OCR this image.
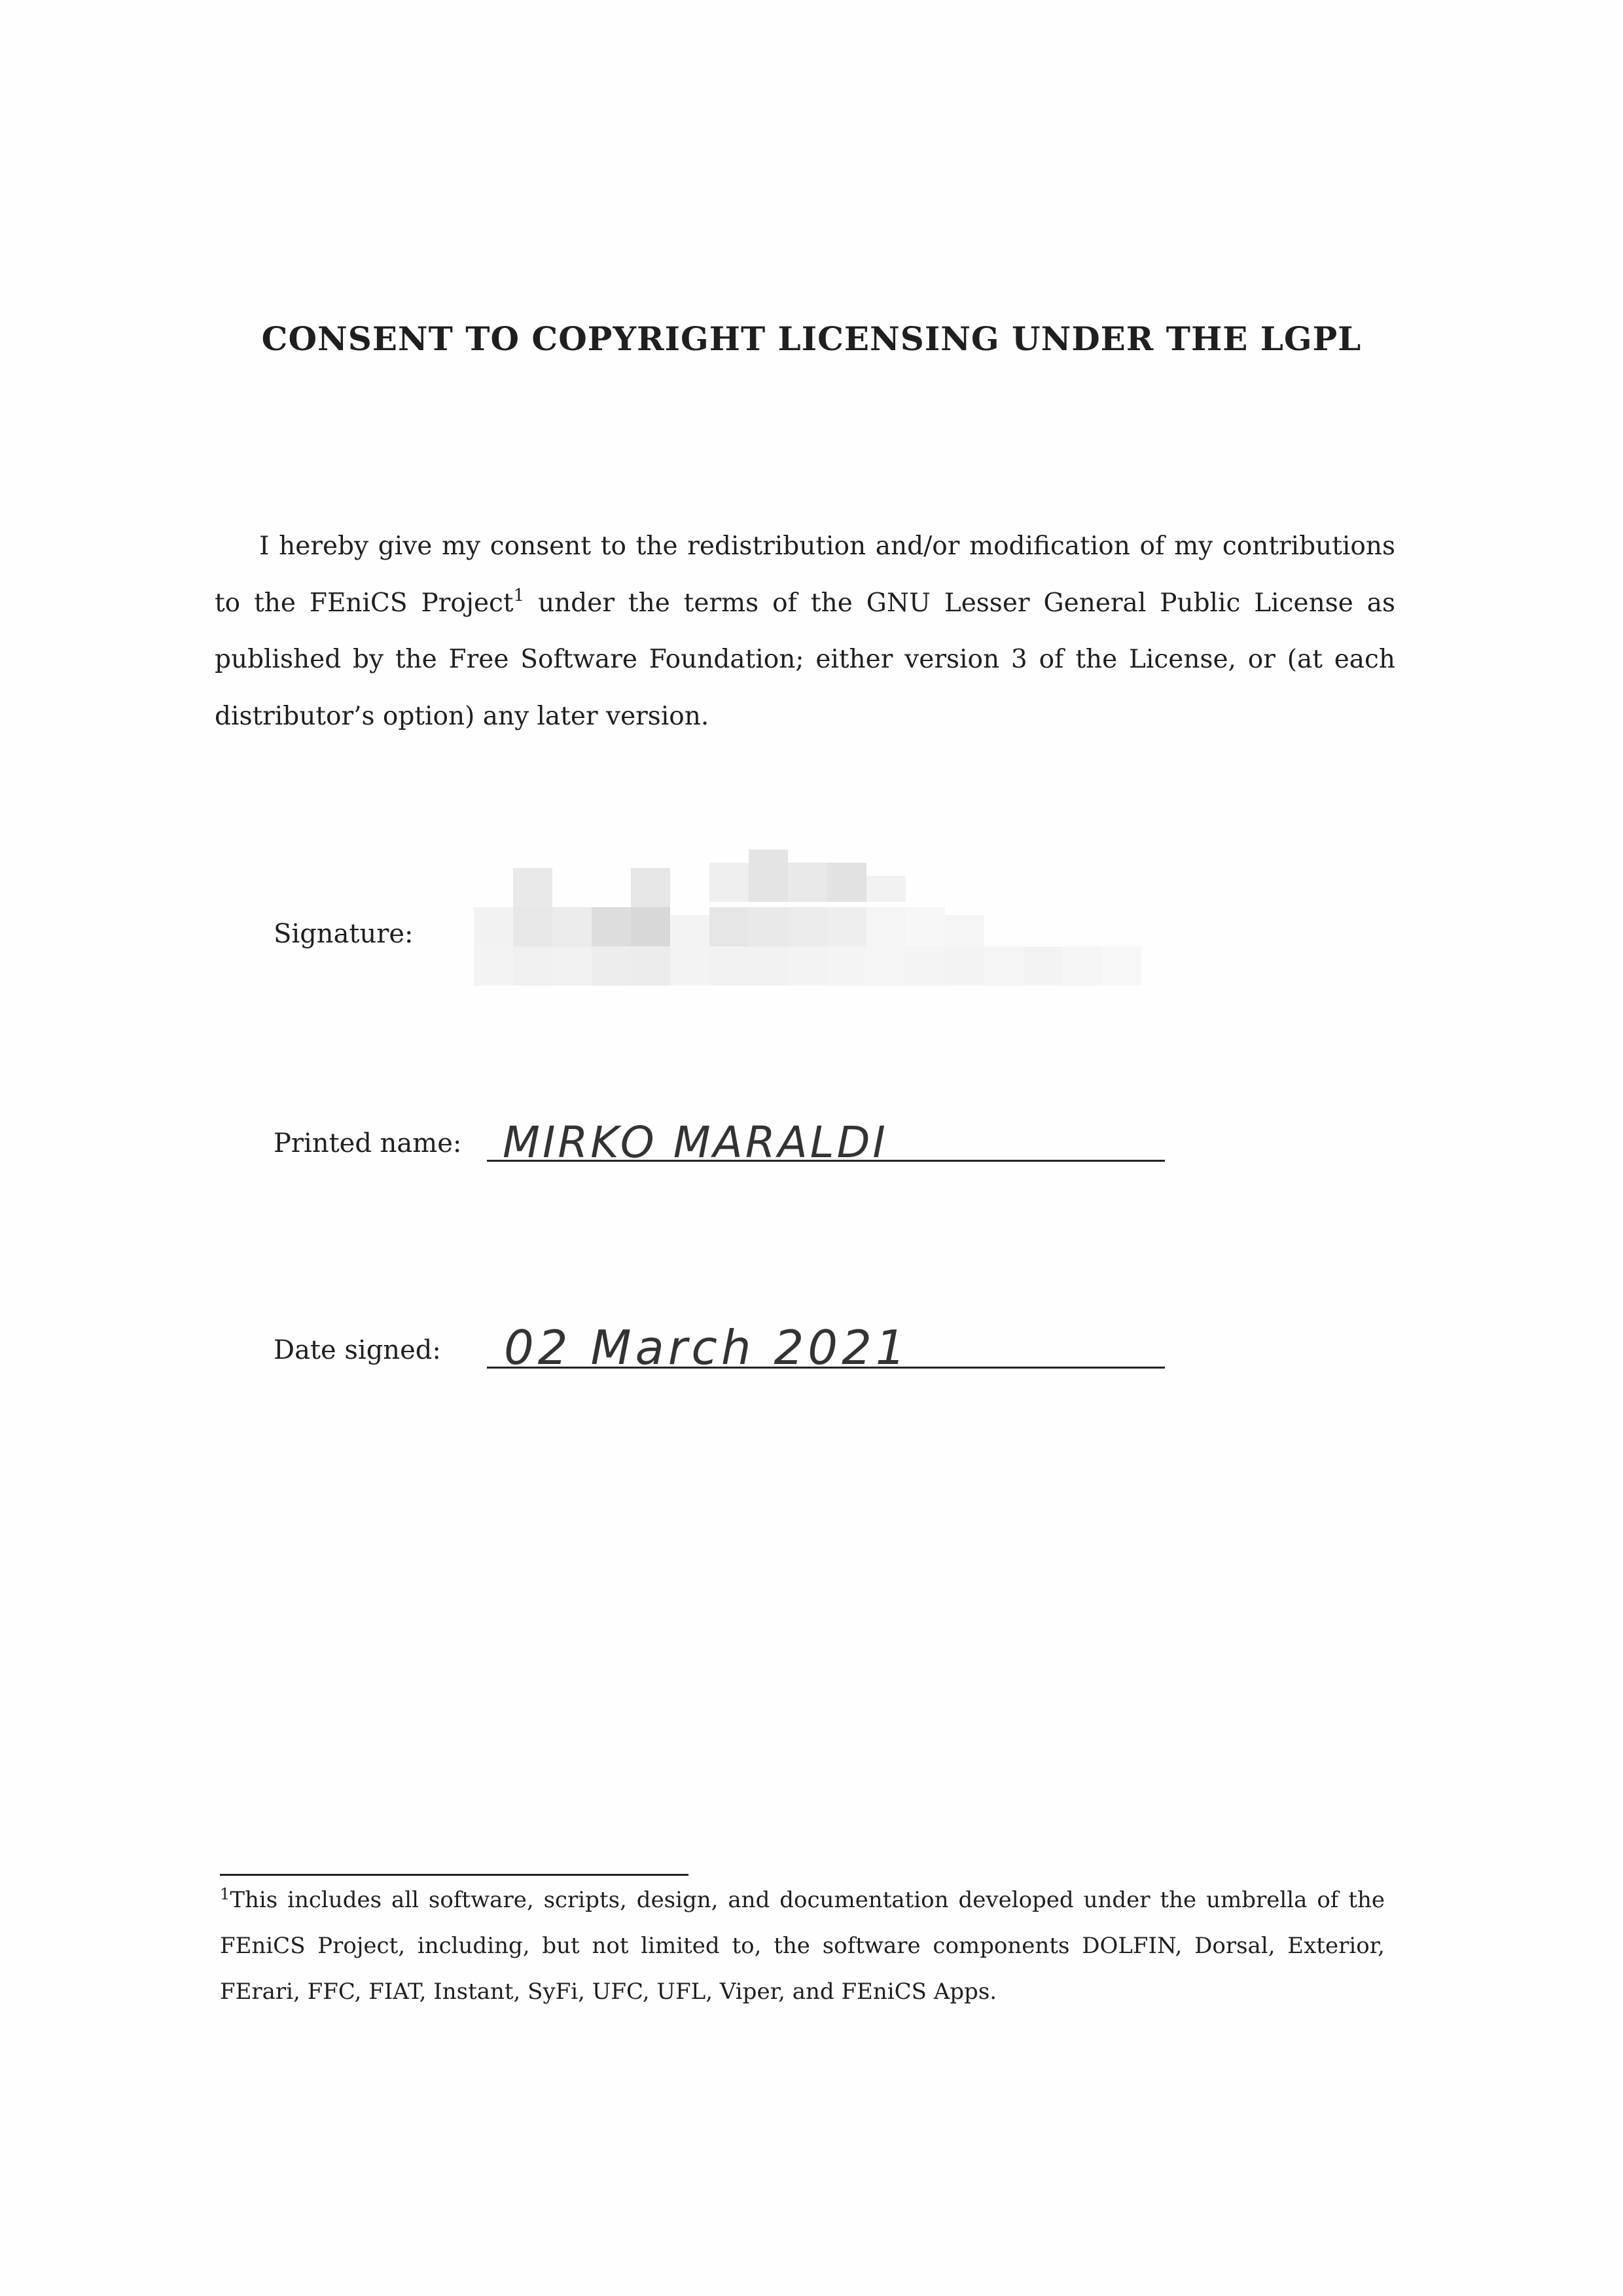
CONSENT TO COPYRIGHT LICENSING UNDER THE LGPL
I hereby give my consent to the redistribution and/or modification of my contributions to the FEniCS Project$^1$ under the terms of the GNU Lesser General Public License as published by the Free Software Foundation; either version 3 of the License, or (at each distributor’s option) any later version.
Signature:
Printed name: MIRKO MARALDI
Date signed: 02 March 2021
$^1$This includes all software, scripts, design, and documentation developed under the umbrella of the FEniCS Project, including, but not limited to, the software components DOLFIN, Dorsal, Exterior, FErari, FFC, FIAT, Instant, SyFi, UFC, UFL, Viper, and FEniCS Apps.
